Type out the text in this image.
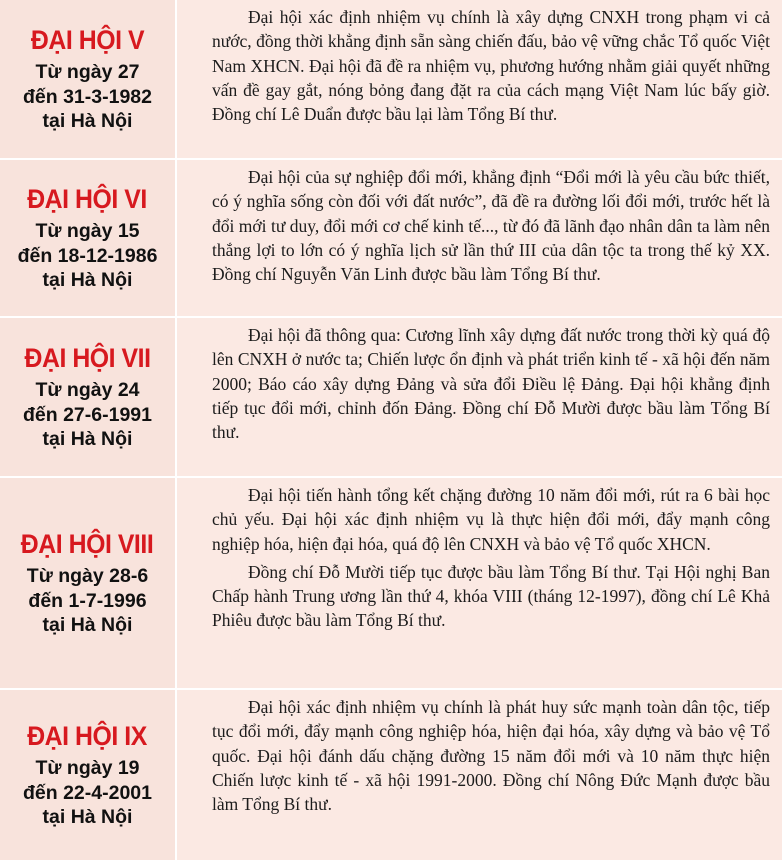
ĐẠI HỘI V
Từ ngày 27
đến 31-3-1982
tại Hà Nội

Đại hội xác định nhiệm vụ chính là xây dựng CNXH trong phạm vi cả nước, đồng thời khẳng định sẵn sàng chiến đấu, bảo vệ vững chắc Tổ quốc Việt Nam XHCN. Đại hội đã đề ra nhiệm vụ, phương hướng nhằm giải quyết những vấn đề gay gắt, nóng bỏng đang đặt ra của cách mạng Việt Nam lúc bấy giờ. Đồng chí Lê Duẩn được bầu lại làm Tổng Bí thư.

ĐẠI HỘI VI
Từ ngày 15
đến 18-12-1986
tại Hà Nội

Đại hội của sự nghiệp đổi mới, khẳng định “Đổi mới là yêu cầu bức thiết, có ý nghĩa sống còn đối với đất nước”, đã đề ra đường lối đổi mới, trước hết là đổi mới tư duy, đổi mới cơ chế kinh tế..., từ đó đã lãnh đạo nhân dân ta làm nên thắng lợi to lớn có ý nghĩa lịch sử lần thứ III của dân tộc ta trong thế kỷ XX. Đồng chí Nguyễn Văn Linh được bầu làm Tổng Bí thư.

ĐẠI HỘI VII
Từ ngày 24
đến 27-6-1991
tại Hà Nội

Đại hội đã thông qua: Cương lĩnh xây dựng đất nước trong thời kỳ quá độ lên CNXH ở nước ta; Chiến lược ổn định và phát triển kinh tế - xã hội đến năm 2000; Báo cáo xây dựng Đảng và sửa đổi Điều lệ Đảng. Đại hội khẳng định tiếp tục đổi mới, chỉnh đốn Đảng. Đồng chí Đỗ Mười được bầu làm Tổng Bí thư.

ĐẠI HỘI VIII
Từ ngày 28-6
đến 1-7-1996
tại Hà Nội

Đại hội tiến hành tổng kết chặng đường 10 năm đổi mới, rút ra 6 bài học chủ yếu. Đại hội xác định nhiệm vụ là thực hiện đổi mới, đẩy mạnh công nghiệp hóa, hiện đại hóa, quá độ lên CNXH và bảo vệ Tổ quốc XHCN.

Đồng chí Đỗ Mười tiếp tục được bầu làm Tổng Bí thư. Tại Hội nghị Ban Chấp hành Trung ương lần thứ 4, khóa VIII (tháng 12-1997), đồng chí Lê Khả Phiêu được bầu làm Tổng Bí thư.

ĐẠI HỘI IX
Từ ngày 19
đến 22-4-2001
tại Hà Nội

Đại hội xác định nhiệm vụ chính là phát huy sức mạnh toàn dân tộc, tiếp tục đổi mới, đẩy mạnh công nghiệp hóa, hiện đại hóa, xây dựng và bảo vệ Tổ quốc. Đại hội đánh dấu chặng đường 15 năm đổi mới và 10 năm thực hiện Chiến lược kinh tế - xã hội 1991-2000. Đồng chí Nông Đức Mạnh được bầu làm Tổng Bí thư.
